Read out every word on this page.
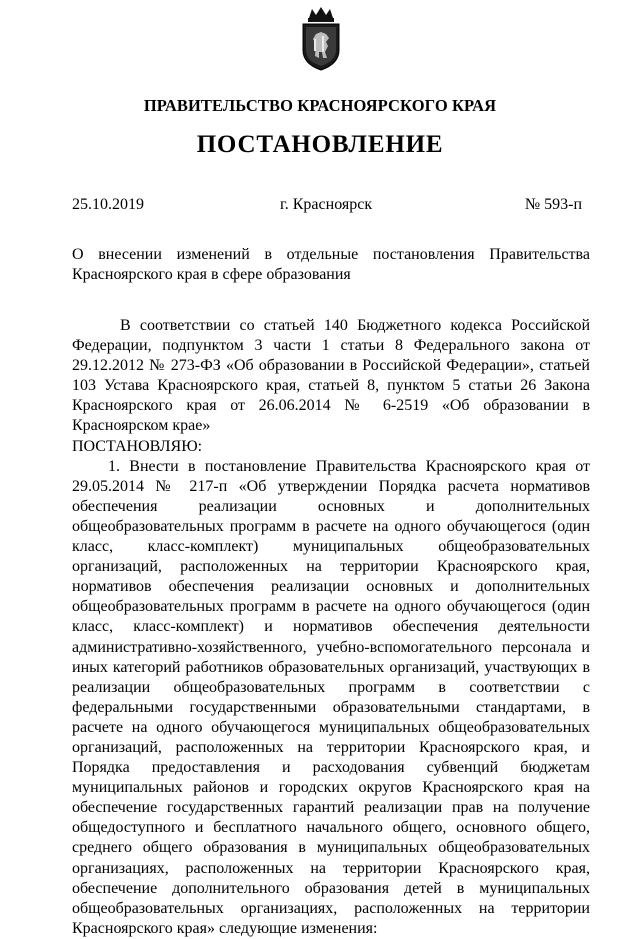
ПРАВИТЕЛЬСТВО КРАСНОЯРСКОГО КРАЯ
ПОСТАНОВЛЕНИЕ
25.10.2019	г. Красноярск	№ 593-п
О внесении изменений в отдельные постановления Правительства Красноярского края в сфере образования

В соответствии со статьей 140 Бюджетного кодекса Российской Федерации, подпунктом 3 части 1 статьи 8 Федерального закона от 29.12.2012 № 273-ФЗ «Об образовании в Российской Федерации», статьей 103 Устава Красноярского края, статьей 8, пунктом 5 статьи 26 Закона Красноярского края от 26.06.2014 № 6-2519 «Об образовании в Красноярском крае»

ПОСТАНОВЛЯЮ:

1. Внести в постановление Правительства Красноярского края от 29.05.2014 № 217-п «Об утверждении Порядка расчета нормативов обеспечения реализации основных и дополнительных общеобразовательных программ в расчете на одного обучающегося (один класс, класс-комплект) муниципальных общеобразовательных организаций, расположенных на территории Красноярского края, нормативов обеспечения реализации основных и дополнительных общеобразовательных программ в расчете на одного обучающегося (один класс, класс-комплект) и нормативов обеспечения деятельности административно-хозяйственного, учебно-вспомогательного персонала и иных категорий работников образовательных организаций, участвующих в реализации общеобразовательных программ в соответствии с федеральными государственными образовательными стандартами, в расчете на одного обучающегося муниципальных общеобразовательных организаций, расположенных на территории Красноярского края, и Порядка предоставления и расходования субвенций бюджетам муниципальных районов и городских округов Красноярского края на обеспечение государственных гарантий реализации прав на получение общедоступного и бесплатного начального общего, основного общего, среднего общего образования в муниципальных общеобразовательных организациях, расположенных на территории Красноярского края, обеспечение дополнительного образования детей в муниципальных общеобразовательных организациях, расположенных на территории Красноярского края» следующие изменения:
